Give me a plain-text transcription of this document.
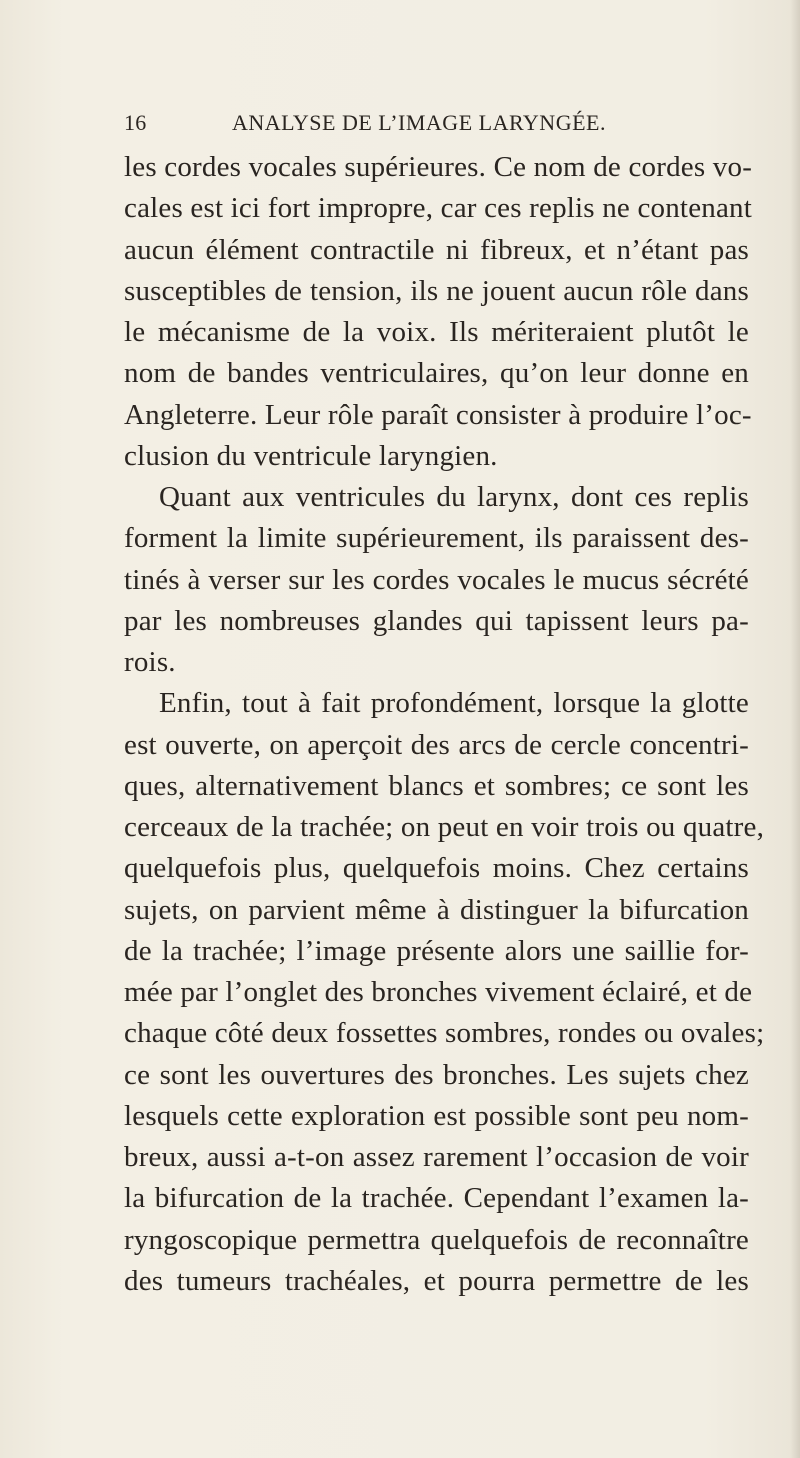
16	ANALYSE DE L’IMAGE LARYNGÉE.
les cordes vocales supérieures. Ce nom de cordes vo-
cales est ici fort impropre, car ces replis ne contenant
aucun élément contractile ni fibreux, et n’étant pas
susceptibles de tension, ils ne jouent aucun rôle dans
le mécanisme de la voix. Ils mériteraient plutôt le
nom de bandes ventriculaires, qu’on leur donne en
Angleterre. Leur rôle paraît consister à produire l’oc-
clusion du ventricule laryngien.
Quant aux ventricules du larynx, dont ces replis
forment la limite supérieurement, ils paraissent des-
tinés à verser sur les cordes vocales le mucus sécrété
par les nombreuses glandes qui tapissent leurs pa-
rois.
Enfin, tout à fait profondément, lorsque la glotte
est ouverte, on aperçoit des arcs de cercle concentri-
ques, alternativement blancs et sombres; ce sont les
cerceaux de la trachée; on peut en voir trois ou quatre,
quelquefois plus, quelquefois moins. Chez certains
sujets, on parvient même à distinguer la bifurcation
de la trachée; l’image présente alors une saillie for-
mée par l’onglet des bronches vivement éclairé, et de
chaque côté deux fossettes sombres, rondes ou ovales;
ce sont les ouvertures des bronches. Les sujets chez
lesquels cette exploration est possible sont peu nom-
breux, aussi a-t-on assez rarement l’occasion de voir
la bifurcation de la trachée. Cependant l’examen la-
ryngoscopique permettra quelquefois de reconnaître
des tumeurs trachéales, et pourra permettre de les
